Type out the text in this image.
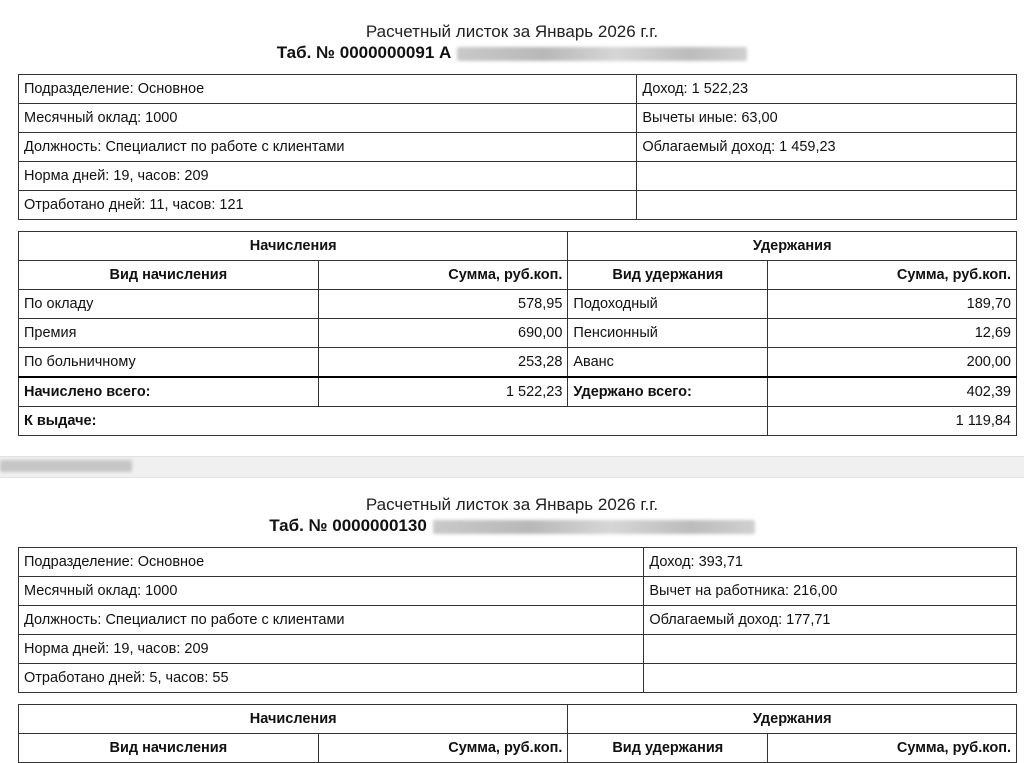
Расчетный листок за Январь 2026 г.г.
Таб. № 0000000091 А
Подразделение: Основное	Доход: 1 522,23
Месячный оклад: 1000	Вычеты иные: 63,00
Должность: Специалист по работе с клиентами	Облагаемый доход: 1 459,23
Норма дней: 19, часов: 209	
Отработано дней: 11, часов: 121	
Начисления		Удержания	
Вид начисления	Сумма, руб.коп.	Вид удержания	Сумма, руб.коп.
По окладу	578,95	Подоходный	189,70
Премия	690,00	Пенсионный	12,69
По больничному	253,28	Аванс	200,00
Начислено всего:	1 522,23	Удержано всего:	402,39
К выдаче:			1 119,84
Расчетный листок за Январь 2026 г.г.
Таб. № 0000000130
Подразделение: Основное	Доход: 393,71
Месячный оклад: 1000	Вычет на работника: 216,00
Должность: Специалист по работе с клиентами	Облагаемый доход: 177,71
Норма дней: 19, часов: 209	
Отработано дней: 5, часов: 55	
Начисления		Удержания	
Вид начисления	Сумма, руб.коп.	Вид удержания	Сумма, руб.коп.
